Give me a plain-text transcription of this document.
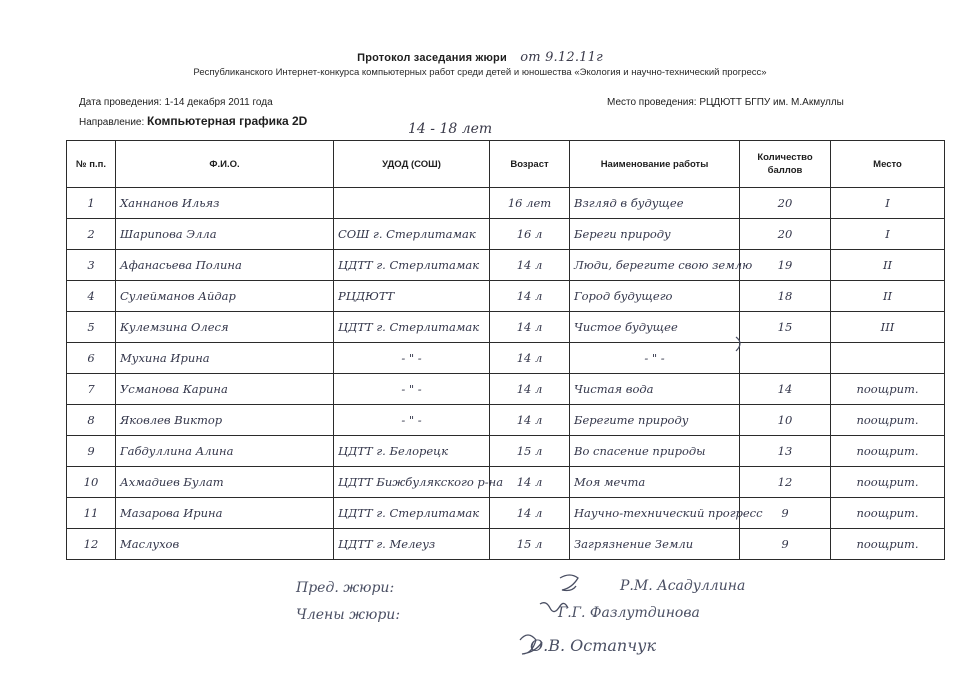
Протокол заседания жюри от 9.12.11г
Республиканского Интернет-конкурса компьютерных работ среди детей и юношества «Экология и научно-технический прогресс»
Дата проведения: 1-14 декабря 2011 года
Направление: Компьютерная графика 2D
Место проведения: РЦДЮТТ БГПУ им. М.Акмуллы
14 - 18 лет
№ п.п.	Ф.И.О.	УДОД (СОШ)	Возраст	Наименование работы	Количество баллов	Место
1	Ханнанов Ильяз		16 лет	Взгляд в будущее	20	I
2	Шарипова Элла	СОШ г. Стерлитамак	16 л	Береги природу	20	I
3	Афанасьева Полина	ЦДТТ г. Стерлитамак	14 л	Люди, берегите свою землю	19	II
4	Сулейманов Айдар	РЦДЮТТ	14 л	Город будущего	18	II
5	Кулемзина Олеся	ЦДТТ г. Стерлитамак	14 л	Чистое будущее	15	III
6	Мухина Ирина	- " -	14 л	- " -		
7	Усманова Карина	- " -	14 л	Чистая вода	14	поощрит.
8	Яковлев Виктор	- " -	14 л	Берегите природу	10	поощрит.
9	Габдуллина Алина	ЦДТТ г. Белорецк	15 л	Во спасение природы	13	поощрит.
10	Ахмадиев Булат	ЦДТТ Бижбулякского р-на	14 л	Моя мечта	12	поощрит.
11	Мазарова Ирина	ЦДТТ г. Стерлитамак	14 л	Научно-технический прогресс	9	поощрит.
12	Маслухов	ЦДТТ г. Мелеуз	15 л	Загрязнение Земли	9	поощрит.
Пред. жюри:
Члены жюри:
Р.М. Асадуллина
Г.Г. Фазлутдинова
О.В. Остапчук
